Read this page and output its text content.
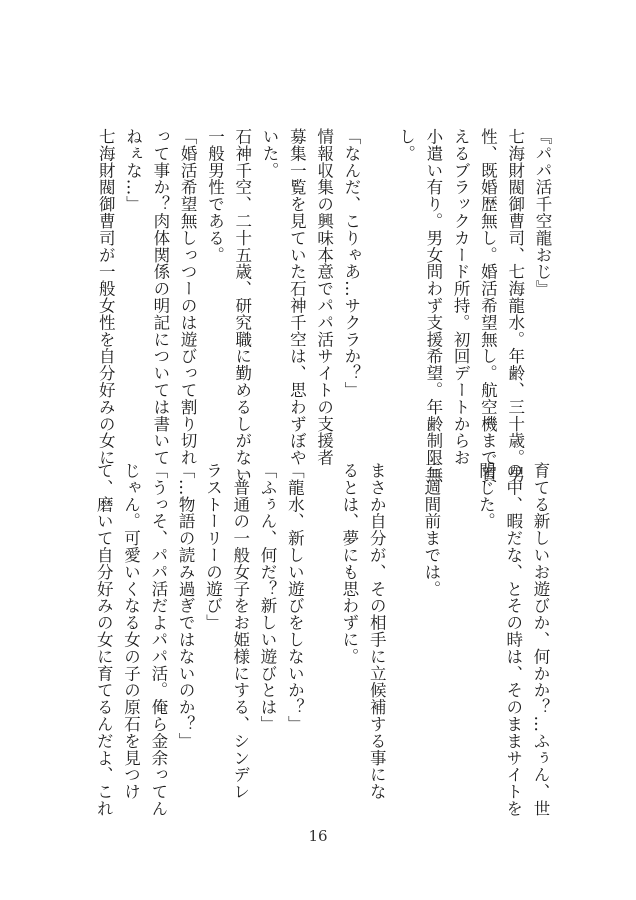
『パパ活千空龍おじ』
七海財閥御曹司、七海龍水。年齢、三十歳。男
性、既婚歴無し。婚活希望無し。航空機まで買
えるブラックカード所持。初回デートからお
小遣い有り。男女問わず支援希望。年齢制限無
し。

「なんだ、こりゃあ…サクラか？」
情報収集の興味本意でパパ活サイトの支援者
募集一覧を見ていた石神千空は、思わずぼや
いた。
石神千空、二十五歳、研究職に勤めるしがない
一般男性である。
「婚活希望無しっつーのは遊びって割り切れ
って事か？肉体関係の明記については書いて
ねぇな…」
七海財閥御曹司が一般女性を自分好みの女に
育てる新しいお遊びか、何かか？…ふぅん、世
の中、暇だな、とその時は、そのままサイトを
閉じた。

三週間前までは。

まさか自分が、その相手に立候補する事にな
るとは、夢にも思わずに。

「龍水、新しい遊びをしないか？」
「ふぅん、何だ？新しい遊びとは」
「普通の一般女子をお姫様にする、シンデレ
ラストーリーの遊び」
「…物語の読み過ぎではないのか？」
「うっそ、パパ活だよパパ活。俺ら金余ってん
じゃん。可愛いくなる女の子の原石を見つけ
て、磨いて自分好みの女に育てるんだよ、これ
16
